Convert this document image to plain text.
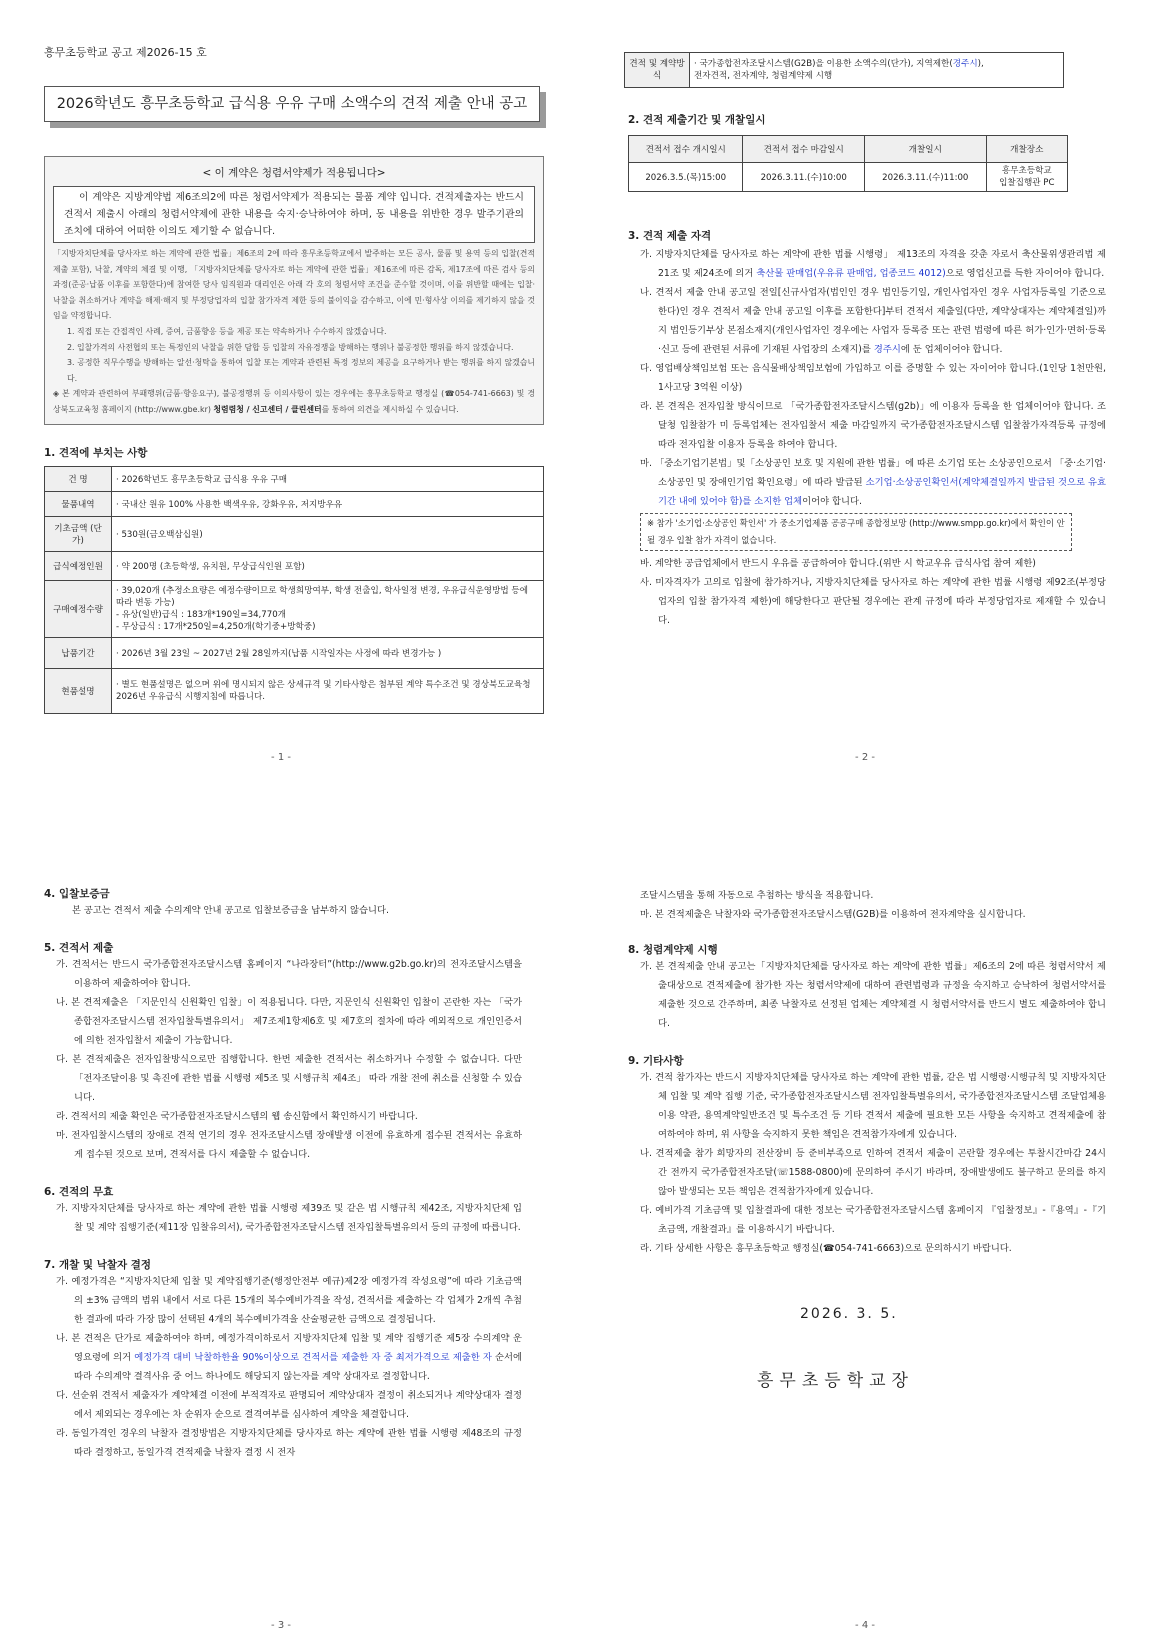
흥무초등학교 공고 제2026-15 호
2026학년도 흥무초등학교 급식용 우유 구매 소액수의 견적 제출 안내 공고
< 이 계약은 청렴서약제가 적용됩니다>
이 계약은 지방계약법 제6조의2에 따른 청렴서약제가 적용되는 물품 계약 입니다. 견적제출자는 반드시 견적서 제출시 아래의 청렴서약제에 관한 내용을 숙지·승낙하여야 하며, 동 내용을 위반한 경우 발주기관의 조치에 대하여 어떠한 이의도 제기할 수 없습니다.
「지방자치단체를 당사자로 하는 계약에 관한 법률」제6조의 2에 따라 흥무초등학교에서 발주하는 모든 공사, 물품 및 용역 등의 입찰(견적제출 포함), 낙찰, 계약의 체결 및 이행, 「지방자치단체를 당사자로 하는 계약에 관한 법률」제16조에 따른 감독, 제17조에 따른 검사 등의 과정(준공·납품 이후를 포함한다)에 참여한 당사 임직원과 대리인은 아래 각 호의 청렴서약 조건을 준수할 것이며, 이를 위반할 때에는 입찰·낙찰을 취소하거나 계약을 해제·해지 및 부정당업자의 입찰 참가자격 제한 등의 불이익을 감수하고, 이에 민·형사상 이의를 제기하지 않을 것임을 약정합니다.
1. 직접 또는 간접적인 사례, 증여, 금품향응 등을 제공 또는 약속하거나 수수하지 않겠습니다.
2. 입찰가격의 사전협의 또는 특정인의 낙찰을 위한 담합 등 입찰의 자유경쟁을 방해하는 행위나 불공정한 행위를 하지 않겠습니다.
3. 공정한 직무수행을 방해하는 알선·청탁을 통하여 입찰 또는 계약과 관련된 특정 정보의 제공을 요구하거나 받는 행위를 하지 않겠습니다.
◈ 본 계약과 관련하여 부패행위(금품·향응요구), 불공정행위 등 이의사항이 있는 경우에는 흥무초등학교 행정실 (☎054-741-6663) 및 경상북도교육청 홈페이지 (http://www.gbe.kr) 청렴렴청 / 신고센터 / 클린센터를 통하여 의견을 제시하실 수 있습니다.
1. 견적에 부치는 사항
건 명	· 2026학년도 흥무초등학교 급식용 우유 구매
물품내역	· 국내산 원유 100% 사용한 백색우유, 강화우유, 저지방우유
기초금액 (단가)	· 530원(금오백삼십원)
급식예정인원	· 약 200명 (초등학생, 유치원, 무상급식인원 포함)
구매예정수량	· 39,020개 (추정소요량은 예정수량이므로 학생희망여부, 학생 전출입, 학사일정 변경, 우유급식운영방법 등에 따라 변동 가능)
- 유상(일반)급식 : 183개*190일=34,770개
- 무상급식 : 17개*250일=4,250개(학기중+방학중)
납품기간	· 2026년 3월 23일 ~ 2027년 2월 28일까지(납품 시작일자는 사정에 따라 변경가능 )
현품설명	· 별도 현품설명은 없으며 위에 명시되지 않은 상세규격 및 기타사항은 첨부된 계약 특수조건 및 경상북도교육청 2026년 우유급식 시행지침에 따릅니다.
- 1 -
견적 및 계약방식	· 국가종합전자조달시스템(G2B)을 이용한 소액수의(단가), 지역제한(경주시),
전자견적, 전자계약, 청렴계약제 시행
2. 견적 제출기간 및 개찰일시
견적서 접수 개시일시	견적서 접수 마감일시	개찰일시	개찰장소
2026.3.5.(목)15:00	2026.3.11.(수)10:00	2026.3.11.(수)11:00	흥무초등학교
입찰집행관 PC
3. 견적 제출 자격
가. 지방자치단체를 당사자로 하는 계약에 관한 법률 시행령」 제13조의 자격을 갖춘 자로서 축산물위생관리법 제21조 및 제24조에 의거 축산물 판매업(우유류 판매업, 업종코드 4012)으로 영업신고를 득한 자이어야 합니다.
나. 견적서 제출 안내 공고일 전일[신규사업자(법인인 경우 법인등기일, 개인사업자인 경우 사업자등록일 기준으로 한다)인 경우 견적서 제출 안내 공고일 이후를 포함한다]부터 견적서 제출일(다만, 계약상대자는 계약체결일)까지 법인등기부상 본점소재지(개인사업자인 경우에는 사업자 등록증 또는 관련 법령에 따른 허가·인가·면허·등록·신고 등에 관련된 서류에 기재된 사업장의 소재지)를 경주시에 둔 업체이어야 합니다.
다. 영업배상책임보험 또는 음식물배상책임보험에 가입하고 이를 증명할 수 있는 자이어야 합니다.(1인당 1천만원, 1사고당 3억원 이상)
라. 본 견적은 전자입찰 방식이므로 「국가종합전자조달시스템(g2b)」에 이용자 등록을 한 업체이어야 합니다. 조달청 입찰참가 미 등록업체는 전자입찰서 제출 마감일까지 국가종합전자조달시스템 입찰참가자격등록 규정에 따라 전자입찰 이용자 등록을 하여야 합니다.
마. 「중소기업기본법」및「소상공인 보호 및 지원에 관한 법률」에 따른 소기업 또는 소상공인으로서 「중·소기업·소상공인 및 장애인기업 확인요령」에 따라 발급된 소기업·소상공인확인서(계약체결일까지 발급된 것으로 유효기간 내에 있어야 함)를 소지한 업체이어야 합니다.
※ 참가 '소기업·소상공인 확인서' 가 중소기업제품 공공구매 종합정보망 (http://www.smpp.go.kr)에서 확인이 안 될 경우 입찰 참가 자격이 없습니다.
바. 계약한 공급업체에서 반드시 우유를 공급하여야 합니다.(위반 시 학교우유 급식사업 참여 제한)
사. 미자격자가 고의로 입찰에 참가하거나, 지방자치단체를 당사자로 하는 계약에 관한 법률 시행령 제92조(부정당업자의 입찰 참가자격 제한)에 해당한다고 판단될 경우에는 관계 규정에 따라 부정당업자로 제재할 수 있습니다.
- 2 -
4. 입찰보증금
본 공고는 견적서 제출 수의계약 안내 공고로 입찰보증금을 납부하지 않습니다.
5. 견적서 제출
가. 견적서는 반드시 국가종합전자조달시스템 홈페이지 “나라장터”(http://www.g2b.go.kr)의 전자조달시스템을 이용하여 제출하여야 합니다.
나. 본 견적제출은 「지문인식 신원확인 입찰」이 적용됩니다. 다만, 지문인식 신원확인 입찰이 곤란한 자는 「국가종합전자조달시스템 전자입찰특별유의서」 제7조제1항제6호 및 제7호의 절차에 따라 예외적으로 개인인증서에 의한 전자입찰서 제출이 가능합니다.
다. 본 견적제출은 전자입찰방식으로만 집행합니다. 한번 제출한 견적서는 취소하거나 수정할 수 없습니다. 다만 「전자조달이용 및 촉진에 관한 법률 시행령 제5조 및 시행규칙 제4조」 따라 개찰 전에 취소를 신청할 수 있습니다.
라. 견적서의 제출 확인은 국가종합전자조달시스템의 웹 송신함에서 확인하시기 바랍니다.
마. 전자입찰시스템의 장애로 견적 연기의 경우 전자조달시스템 장애발생 이전에 유효하게 접수된 견적서는 유효하게 접수된 것으로 보며, 견적서를 다시 제출할 수 없습니다.
6. 견적의 무효
가. 지방자치단체를 당사자로 하는 계약에 관한 법률 시행령 제39조 및 같은 법 시행규칙 제42조, 지방자치단체 입찰 및 계약 집행기준(제11장 입찰유의서), 국가종합전자조달시스템 전자입찰특별유의서 등의 규정에 따릅니다.
7. 개찰 및 낙찰자 결정
가. 예정가격은 “지방자치단체 입찰 및 계약집행기준(행정안전부 예규)제2장 예정가격 작성요령”에 따라 기초금액의 ±3% 금액의 범위 내에서 서로 다른 15개의 복수예비가격을 작성, 견적서를 제출하는 각 업체가 2개씩 추첨한 결과에 따라 가장 많이 선택된 4개의 복수예비가격을 산술평균한 금액으로 결정됩니다.
나. 본 견적은 단가로 제출하여야 하며, 예정가격이하로서 지방자치단체 입찰 및 계약 집행기준 제5장 수의계약 운영요령에 의거 예정가격 대비 낙찰하한율 90%이상으로 견적서를 제출한 자 중 최저가격으로 제출한 자 순서에 따라 수의계약 결격사유 중 어느 하나에도 해당되지 않는자를 계약 상대자로 결정합니다.
다. 선순위 견적서 제출자가 계약체결 이전에 부적격자로 판명되어 계약상대자 결정이 취소되거나 계약상대자 결정에서 제외되는 경우에는 차 순위자 순으로 결격여부를 심사하여 계약을 체결합니다.
라. 동일가격인 경우의 낙찰자 결정방법은 지방자치단체를 당사자로 하는 계약에 관한 법률 시행령 제48조의 규정 따라 결정하고, 동일가격 견적제출 낙찰자 결정 시 전자
- 3 -
조달시스템을 통해 자동으로 추첨하는 방식을 적용합니다.
마. 본 견적제출은 낙찰자와 국가종합전자조달시스템(G2B)를 이용하여 전자계약을 실시합니다.
8. 청렴계약제 시행
가. 본 견적제출 안내 공고는「지방자치단체를 당사자로 하는 계약에 관한 법률」제6조의 2에 따른 청렴서약서 제출대상으로 견적제출에 참가한 자는 청렴서약제에 대하여 관련법령과 규정을 숙지하고 승낙하여 청렴서약서를 제출한 것으로 간주하며, 최종 낙찰자로 선정된 업체는 계약체결 시 청렴서약서를 반드시 별도 제출하여야 합니다.
9. 기타사항
가. 견적 참가자는 반드시 지방자치단체를 당사자로 하는 계약에 관한 법률, 같은 법 시행령·시행규칙 및 지방자치단체 입찰 및 계약 집행 기준, 국가종합전자조달시스템 전자입찰특별유의서, 국가종합전자조달시스템 조달업체용 이용 약관, 용역계약일반조건 및 특수조건 등 기타 견적서 제출에 필요한 모든 사항을 숙지하고 견적제출에 참여하여야 하며, 위 사항을 숙지하지 못한 책임은 견적참가자에게 있습니다.
나. 견적제출 참가 희망자의 전산장비 등 준비부족으로 인하여 견적서 제출이 곤란할 경우에는 투찰시간마감 24시간 전까지 국가종합전자조달(☏1588-0800)에 문의하여 주시기 바라며, 장애발생에도 불구하고 문의를 하지 않아 발생되는 모든 책임은 견적참가자에게 있습니다.
다. 예비가격 기초금액 및 입찰결과에 대한 정보는 국가종합전자조달시스템 홈페이지 『입찰정보』-『용역』-『기초금액, 개찰결과』를 이용하시기 바랍니다.
라. 기타 상세한 사항은 흥무초등학교 행정실(☎054-741-6663)으로 문의하시기 바랍니다.
2026. 3. 5.
흥무초등학교장
- 4 -
